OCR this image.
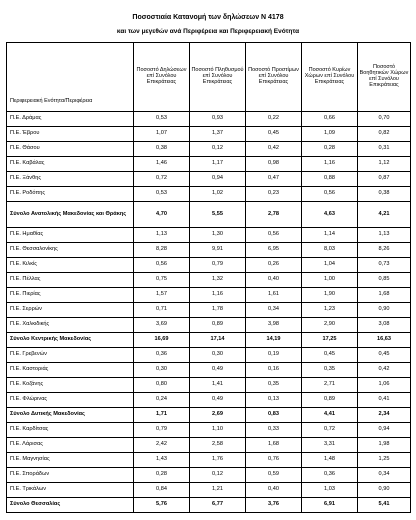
Ποσοστιαία Κατανομή των δηλώσεων Ν 4178
και των μεγεθών ανά Περιφέρεια και Περιφερειακή Ενότητα
Περιφερειακή Ενότητα/Περιφέρεια	Ποσοστό Δηλώσεων επί Συνόλου Επικράτειας	Ποσοστό Πληθυσμού επί Συνόλου Επικράτειας	Ποσοστό Προστίμων επί Συνόλου Επικράτειας	Ποσοστό Κυρίων Χώρων επί Συνόλου Επικράτειας	Ποσοστό Βοηθητικών Χώρων επί Συνόλου Επικράτειας
Π.Ε. Δράμας	0,53	0,93	0,22	0,66	0,70
Π.Ε. Έβρου	1,07	1,37	0,45	1,09	0,82
Π.Ε. Θάσου	0,38	0,12	0,42	0,28	0,31
Π.Ε. Καβάλας	1,46	1,17	0,98	1,16	1,12
Π.Ε. Ξάνθης	0,72	0,94	0,47	0,88	0,87
Π.Ε. Ροδόπης	0,53	1,02	0,23	0,56	0,38
Σύνολο Ανατολικής Μακεδονίας και Θράκης	4,70	5,55	2,78	4,63	4,21
Π.Ε. Ημαθίας	1,13	1,30	0,56	1,14	1,13
Π.Ε. Θεσσαλονίκης	8,28	9,91	6,95	8,03	8,26
Π.Ε. Κιλκίς	0,56	0,79	0,26	1,04	0,73
Π.Ε. Πέλλας	0,75	1,32	0,40	1,00	0,85
Π.Ε. Πιερίας	1,57	1,16	1,61	1,90	1,68
Π.Ε. Σερρών	0,71	1,78	0,34	1,23	0,90
Π.Ε. Χαλκιδικής	3,69	0,89	3,98	2,90	3,08
Σύνολο Κεντρικής Μακεδονίας	16,69	17,14	14,19	17,25	16,63
Π.Ε. Γρεβενών	0,36	0,30	0,19	0,45	0,45
Π.Ε. Καστοριάς	0,30	0,49	0,16	0,35	0,42
Π.Ε. Κοζάνης	0,80	1,41	0,35	2,71	1,06
Π.Ε. Φλώρινας	0,24	0,49	0,13	0,89	0,41
Σύνολο Δυτικής Μακεδονίας	1,71	2,69	0,83	4,41	2,34
Π.Ε. Καρδίτσας	0,79	1,10	0,33	0,72	0,94
Π.Ε. Λάρισας	2,42	2,58	1,68	3,31	1,98
Π.Ε. Μαγνησίας	1,43	1,76	0,76	1,48	1,25
Π.Ε. Σποράδων	0,28	0,12	0,59	0,36	0,34
Π.Ε. Τρικάλων	0,84	1,21	0,40	1,03	0,90
Σύνολο Θεσσαλίας	5,76	6,77	3,76	6,91	5,41
